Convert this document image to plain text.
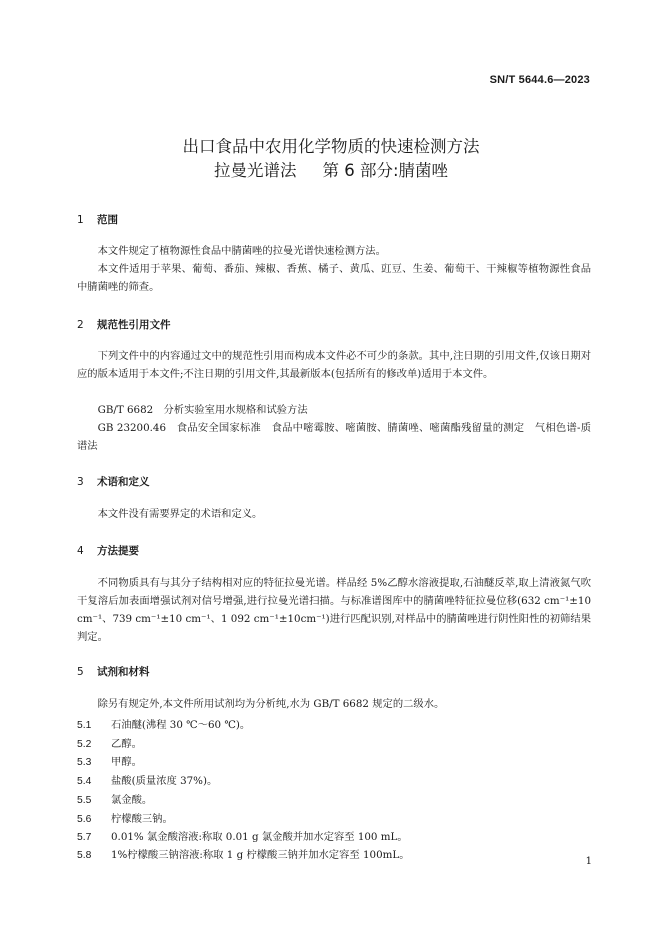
SN/T 5644.6—2023
出口食品中农用化学物质的快速检测方法
拉曼光谱法 第 6 部分:腈菌唑
1 范围
本文件规定了植物源性食品中腈菌唑的拉曼光谱快速检测方法。
本文件适用于苹果、葡萄、番茄、辣椒、香蕉、橘子、黄瓜、豇豆、生姜、葡萄干、干辣椒等植物源性食品中腈菌唑的筛查。
2 规范性引用文件
下列文件中的内容通过文中的规范性引用而构成本文件必不可少的条款。其中,注日期的引用文件,仅该日期对应的版本适用于本文件;不注日期的引用文件,其最新版本(包括所有的修改单)适用于本文件。
GB/T 6682　分析实验室用水规格和试验方法
GB 23200.46　食品安全国家标准　食品中嘧霉胺、嘧菌胺、腈菌唑、嘧菌酯残留量的测定　气相色谱-质谱法
3 术语和定义
本文件没有需要界定的术语和定义。
4 方法提要
不同物质具有与其分子结构相对应的特征拉曼光谱。样品经 5%乙醇水溶液提取,石油醚反萃,取上清液氮气吹干复溶后加表面增强试剂对信号增强,进行拉曼光谱扫描。与标准谱图库中的腈菌唑特征拉曼位移(632 cm⁻¹±10 cm⁻¹、739 cm⁻¹±10 cm⁻¹、1 092 cm⁻¹±10cm⁻¹)进行匹配识别,对样品中的腈菌唑进行阴性阳性的初筛结果判定。
5 试剂和材料
除另有规定外,本文件所用试剂均为分析纯,水为 GB/T 6682 规定的二级水。
5.1 石油醚(沸程 30 ℃～60 ℃)。
5.2 乙醇。
5.3 甲醇。
5.4 盐酸(质量浓度 37%)。
5.5 氯金酸。
5.6 柠檬酸三钠。
5.7 0.01% 氯金酸溶液:称取 0.01 g 氯金酸并加水定容至 100 mL。
5.8 1%柠檬酸三钠溶液:称取 1 g 柠檬酸三钠并加水定容至 100mL。
1
